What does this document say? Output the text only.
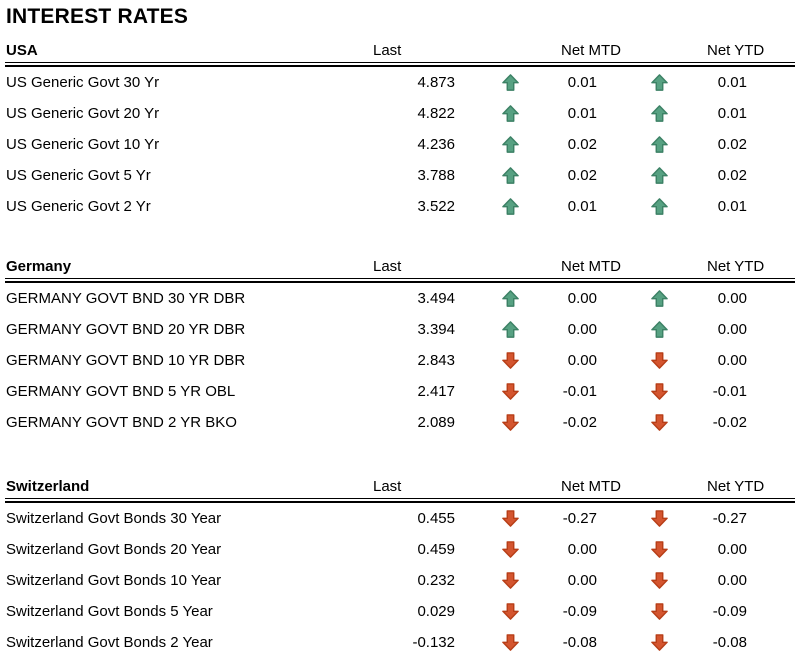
INTEREST RATES
USA	Last	Net MTD	Net YTD
US Generic Govt 30 Yr	4.873	0.01	0.01
US Generic Govt 20 Yr	4.822	0.01	0.01
US Generic Govt 10 Yr	4.236	0.02	0.02
US Generic Govt 5 Yr	3.788	0.02	0.02
US Generic Govt 2 Yr	3.522	0.01	0.01
Germany	Last	Net MTD	Net YTD
GERMANY GOVT BND 30 YR DBR	3.494	0.00	0.00
GERMANY GOVT BND 20 YR DBR	3.394	0.00	0.00
GERMANY GOVT BND 10 YR DBR	2.843	0.00	0.00
GERMANY GOVT BND 5 YR OBL	2.417	-0.01	-0.01
GERMANY GOVT BND 2 YR BKO	2.089	-0.02	-0.02
Switzerland	Last	Net MTD	Net YTD
Switzerland Govt Bonds 30 Year	0.455	-0.27	-0.27
Switzerland Govt Bonds 20 Year	0.459	0.00	0.00
Switzerland Govt Bonds 10 Year	0.232	0.00	0.00
Switzerland Govt Bonds 5 Year	0.029	-0.09	-0.09
Switzerland Govt Bonds 2 Year	-0.132	-0.08	-0.08
